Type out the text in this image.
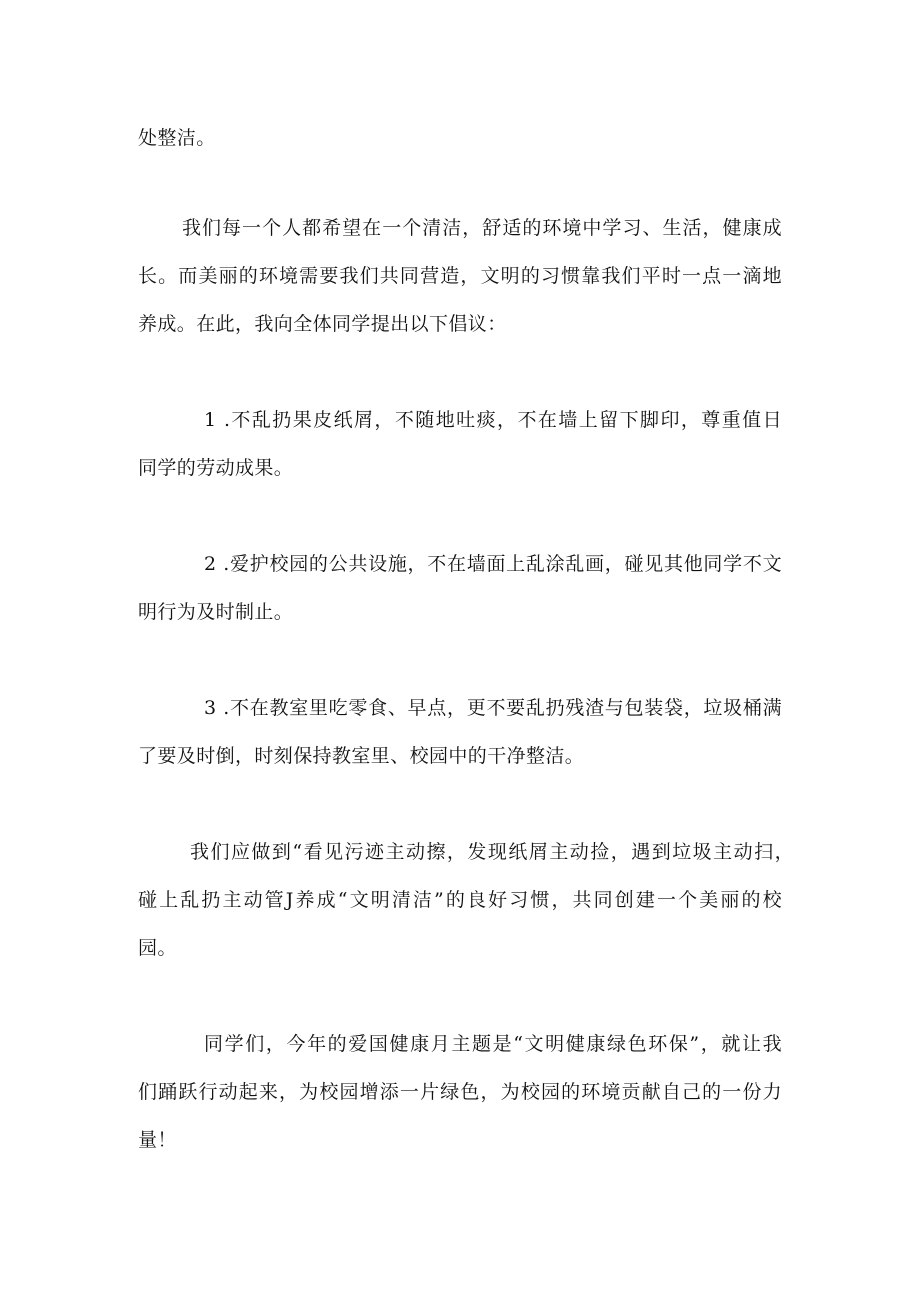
处整洁。
我们每一个人都希望在一个清洁，舒适的环境中学习、生活，健康成
长。而美丽的环境需要我们共同营造，文明的习惯靠我们平时一点一滴地
养成。在此，我向全体同学提出以下倡议：
1 .不乱扔果皮纸屑，不随地吐痰，不在墙上留下脚印，尊重值日
同学的劳动成果。
2 .爱护校园的公共设施，不在墙面上乱涂乱画，碰见其他同学不文
明行为及时制止。
3 .不在教室里吃零食、早点，更不要乱扔残渣与包装袋，垃圾桶满
了要及时倒，时刻保持教室里、校园中的干净整洁。
我们应做到“看见污迹主动擦，发现纸屑主动捡，遇到垃圾主动扫，
碰上乱扔主动管J养成“文明清洁”的良好习惯，共同创建一个美丽的校
园。
同学们，今年的爱国健康月主题是“文明健康绿色环保”，就让我
们踊跃行动起来，为校园增添一片绿色，为校园的环境贡献自己的一份力
量！
